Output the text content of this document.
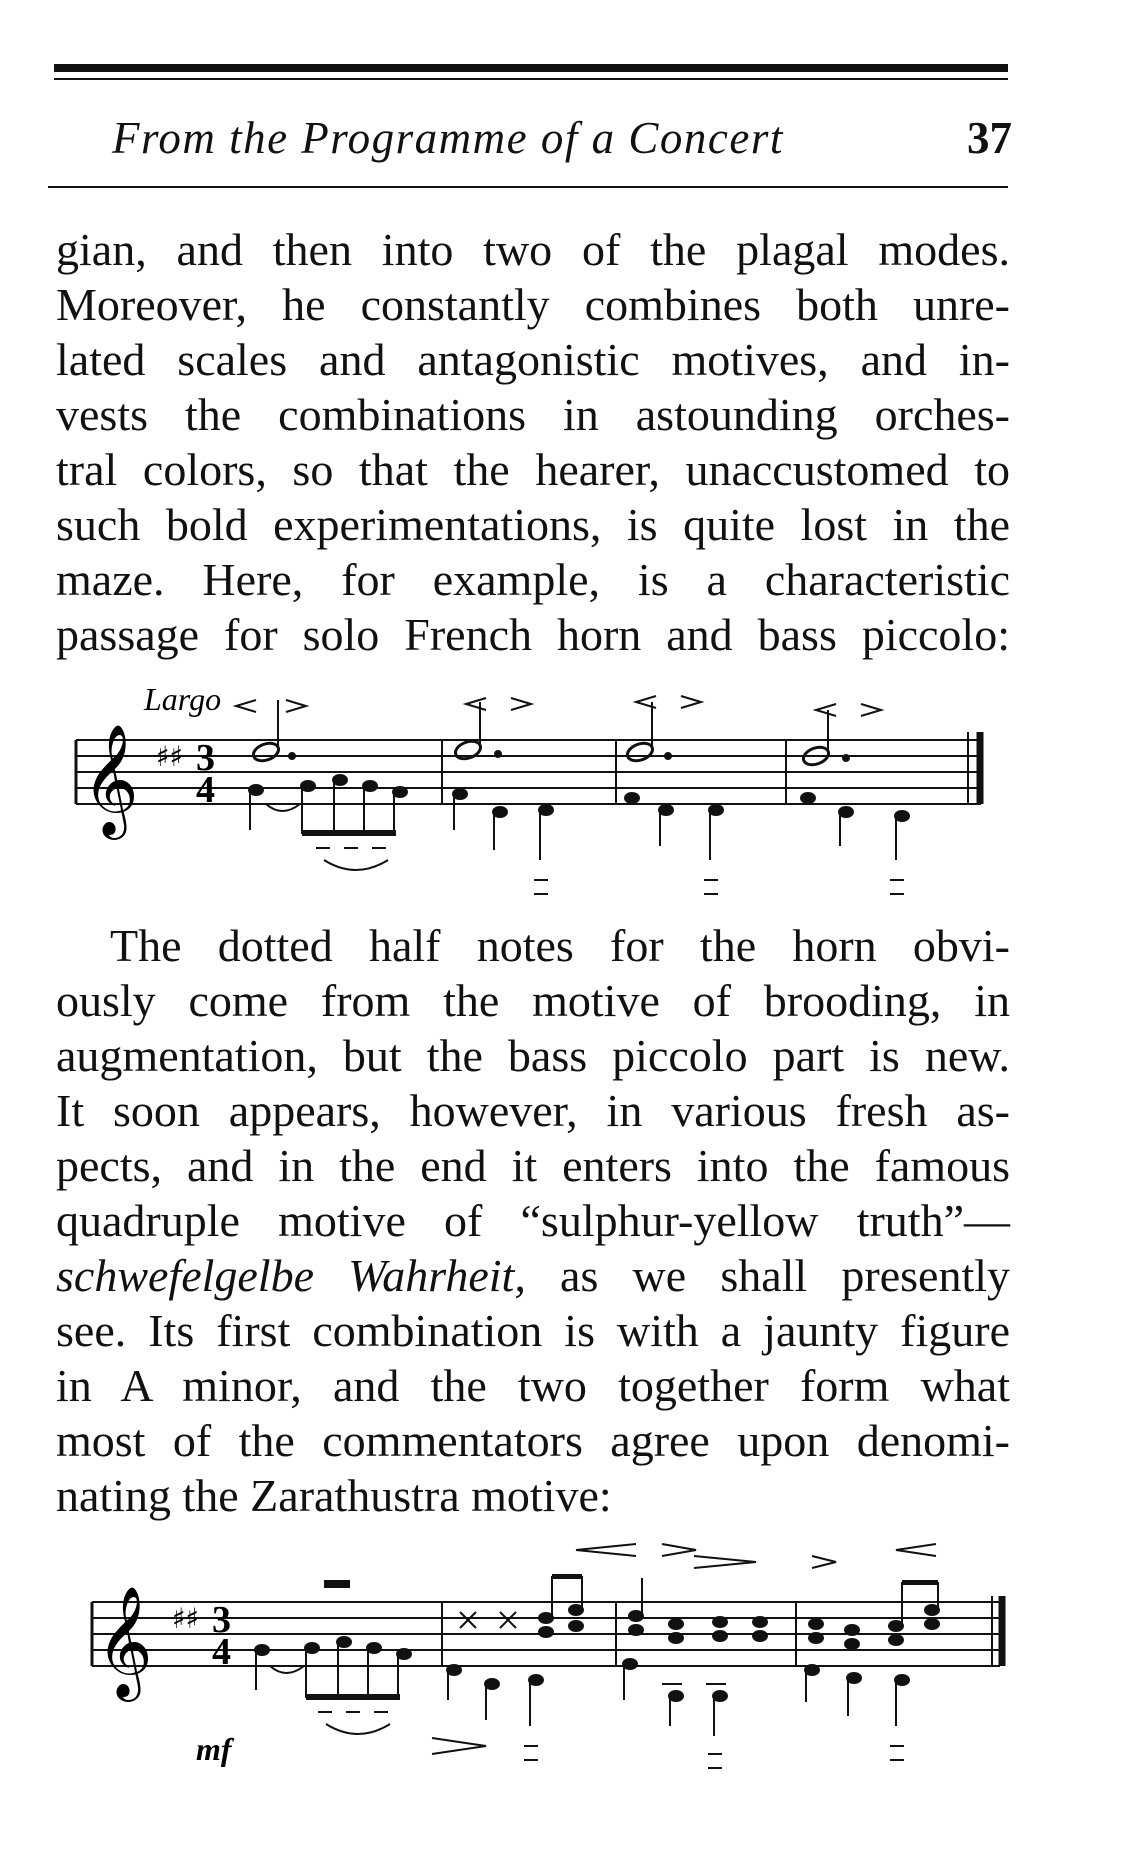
From the Programme of a Concert	37
gian, and then into two of the plagal modes.
Moreover, he constantly combines both unre-
lated scales and antagonistic motives, and in-
vests the combinations in astounding orches-
tral colors, so that the hearer, unaccustomed to
such bold experimentations, is quite lost in the
maze. Here, for example, is a characteristic
passage for solo French horn and bass piccolo:
Largo
𝄞 ♯♯ 3
4
The dotted half notes for the horn obvi-
ously come from the motive of brooding, in
augmentation, but the bass piccolo part is new.
It soon appears, however, in various fresh as-
pects, and in the end it enters into the famous
quadruple motive of “sulphur-yellow truth”—
schwefelgelbe Wahrheit, as we shall presently
see. Its first combination is with a jaunty figure
in A minor, and the two together form what
most of the commentators agree upon denomi-
nating the Zarathustra motive:
𝄞 ♯♯ 3
4
mf
